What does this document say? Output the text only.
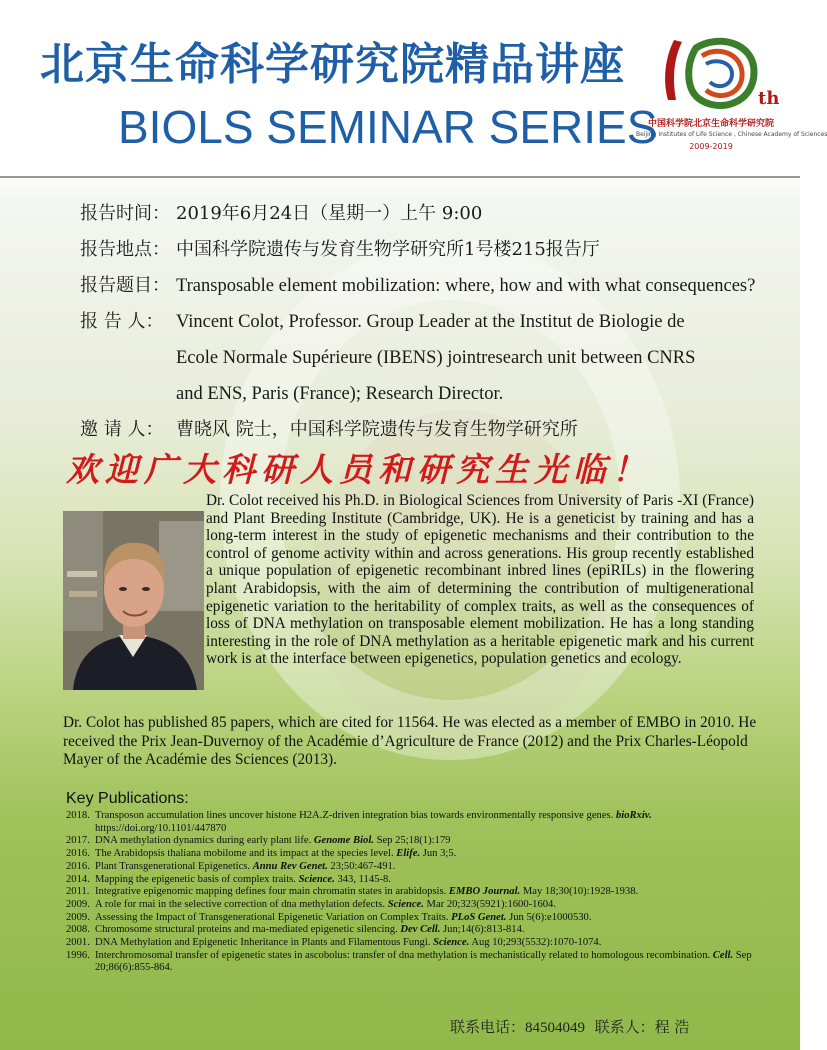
北京生命科学研究院精品讲座
BIOLS SEMINAR SERIES
th
中国科学院北京生命科学研究院
Beijing Institutes of Life Science , Chinese Academy of Sciences
2009-2019
报告时间： 2019年6月24日（星期一）上午 9:00
报告地点： 中国科学院遗传与发育生物学研究所1号楼215报告厅
报告题目： Transposable element mobilization: where, how and with what consequences?
报 告 人： Vincent Colot, Professor. Group Leader at the Institut de Biologie de
Ecole Normale Supérieure (IBENS) jointresearch unit between CNRS
and ENS, Paris (France); Research Director.
邀 请 人： 曹晓风 院士，中国科学院遗传与发育生物学研究所
欢迎广大科研人员和研究生光临！
Dr. Colot received his Ph.D. in Biological Sciences from University of Paris -XI (France) and Plant Breeding Institute (Cambridge, UK). He is a geneticist by training and has a long-term interest in the study of epigenetic mechanisms and their contribution to the control of genome activity within and across generations. His group recently established a unique population of epigenetic recombinant inbred lines (epiRILs) in the flowering plant Arabidopsis, with the aim of determining the contribution of multigenerational epigenetic variation to the heritability of complex traits, as well as the consequences of loss of DNA methylation on transposable element mobilization. He has a long standing interesting in the role of DNA methylation as a heritable epigenetic mark and his current work is at the interface between epigenetics, population genetics and ecology.
Dr. Colot has published 85 papers, which are cited for 11564. He was elected as a member of EMBO in 2010. He received the Prix Jean-Duvernoy of the Académie d’Agriculture de France (2012) and the Prix Charles-Léopold Mayer of the Académie des Sciences (2013).
Key Publications:
2018. Transposon accumulation lines uncover histone H2A.Z-driven integration bias towards environmentally responsive genes. bioRxiv. https://doi.org/10.1101/447870
2017. DNA methylation dynamics during early plant life. Genome Biol. Sep 25;18(1):179
2016. The Arabidopsis thaliana mobilome and its impact at the species level. Elife. Jun 3;5.
2016. Plant Transgenerational Epigenetics. Annu Rev Genet. 23;50:467-491.
2014. Mapping the epigenetic basis of complex traits. Science. 343, 1145-8.
2011. Integrative epigenomic mapping defines four main chromatin states in arabidopsis. EMBO Journal. May 18;30(10):1928-1938.
2009. A role for rnai in the selective correction of dna methylation defects. Science. Mar 20;323(5921):1600-1604.
2009. Assessing the Impact of Transgenerational Epigenetic Variation on Complex Traits. PLoS Genet. Jun 5(6):e1000530.
2008. Chromosome structural proteins and rna-mediated epigenetic silencing. Dev Cell. Jun;14(6):813-814.
2001. DNA Methylation and Epigenetic Inheritance in Plants and Filamentous Fungi. Science. Aug 10;293(5532):1070-1074.
1996. Interchromosomal transfer of epigenetic states in ascobolus: transfer of dna methylation is mechanistically related to homologous recombination. Cell. Sep 20;86(6):855-864.
联系电话：84504049 联系人：程 浩
